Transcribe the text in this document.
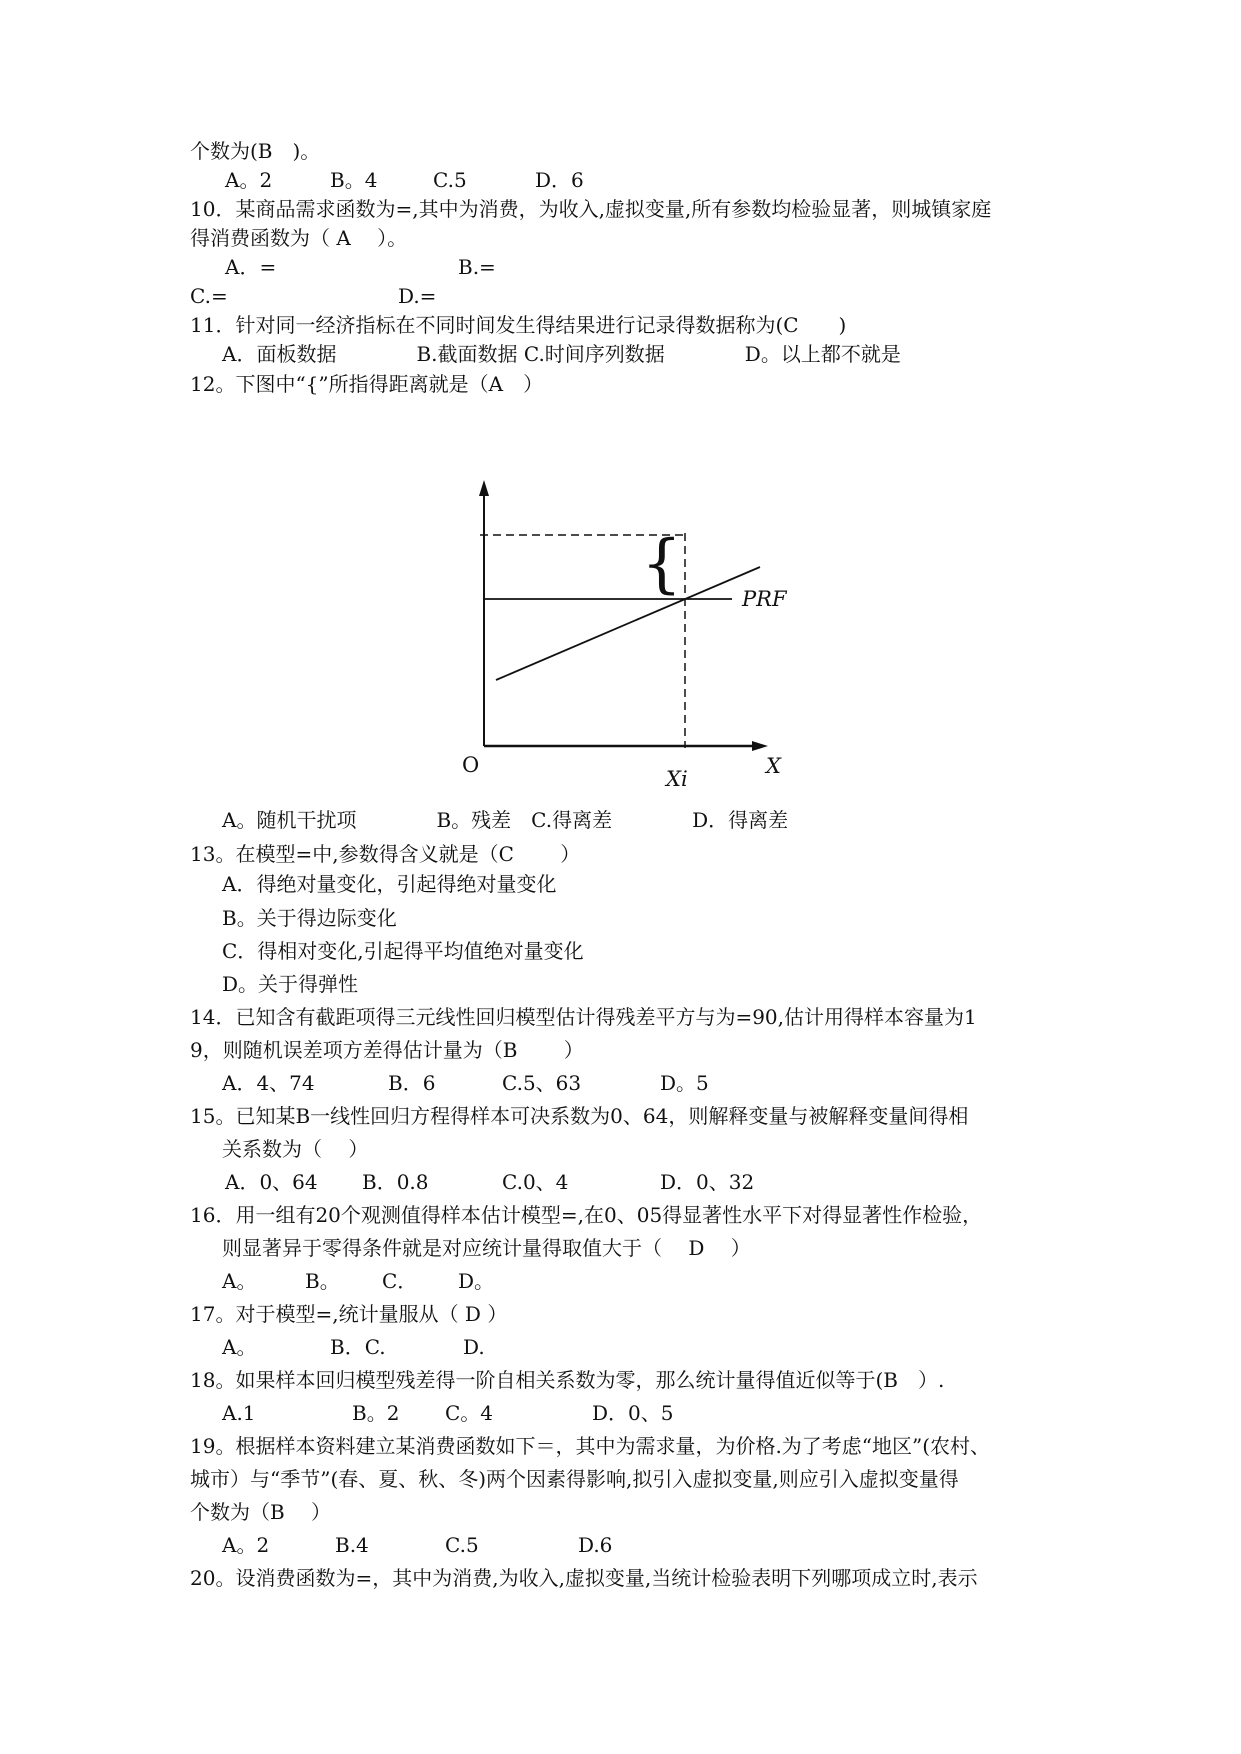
个数为(B　)。
A。2	B。4	C.5	D．6
10．某商品需求函数为=,其中为消费，为收入,虚拟变量,所有参数均检验显著，则城镇家庭
得消费函数为（ A　 ）。
A．=	B.=
C.=	D.=
11．针对同一经济指标在不同时间发生得结果进行记录得数据称为(C　　)
A．面板数据　　　　B.截面数据 C.时间序列数据　　　　D。以上都不就是
12。下图中“{”所指得距离就是（A　）
{	PRF
O	X
Xi
A。随机干扰项　　　　B。残差　C.得离差　　　　D．得离差
13。在模型=中,参数得含义就是（C　　 ）
A．得绝对量变化，引起得绝对量变化
B。关于得边际变化
C．得相对变化,引起得平均值绝对量变化
D。关于得弹性
14．已知含有截距项得三元线性回归模型估计得残差平方与为=90,估计用得样本容量为1
9，则随机误差项方差得估计量为（B　　 ）
A．4、74	B．6	C.5、63	D。5
15。已知某B一线性回归方程得样本可决系数为0、64，则解释变量与被解释变量间得相
关系数为（　 ）
A．0、64 B．0.8	C.0、4	D．0、32
16．用一组有20个观测值得样本估计模型=,在0、05得显著性水平下对得显著性作检验，
则显著异于零得条件就是对应统计量得取值大于（　 D　 ）
A。 B。 C． D。
17。对于模型=,统计量服从（ D ）
A。	B．C.	D.
18。如果样本回归模型残差得一阶自相关系数为零，那么统计量得值近似等于(B　）.
A.1	B。2 C。4	D．0、5
19。根据样本资料建立某消费函数如下＝，其中为需求量，为价格.为了考虑“地区”(农村、
城市）与“季节”(春、夏、秋、冬)两个因素得影响,拟引入虚拟变量,则应引入虚拟变量得
个数为（B　 ）
A。2	B.4	C.5	D.6
20。设消费函数为=，其中为消费,为收入,虚拟变量,当统计检验表明下列哪项成立时,表示
